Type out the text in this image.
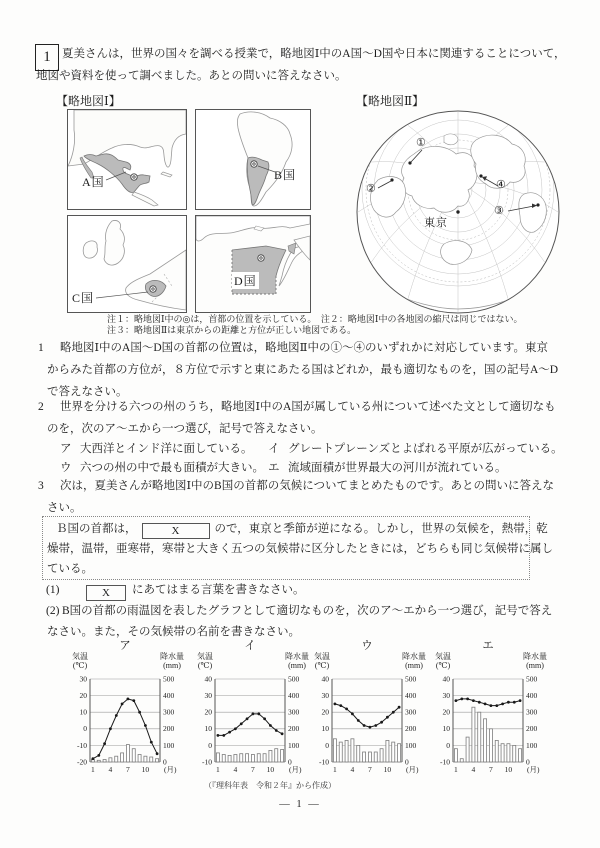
1 夏美さんは，世界の国々を調べる授業で，略地図Ⅰ中のA国～D国や日本に関連することについて，
地図や資料を使って調べました。あとの問いに答えなさい。
【略地図Ⅰ】	【略地図Ⅱ】
A国	B国
C国
D国
①
②
③
④
東京
注１：略地図Ⅰ中の◎は，首都の位置を示している。　注２：略地図Ⅰ中の各地図の縮尺は同じではない。
注３：略地図Ⅱは東京からの距離と方位が正しい地図である。
1 略地図Ⅰ中のA国～D国の首都の位置は，略地図Ⅱ中の①～④のいずれかに対応しています。東京
からみた首都の方位が，８方位で示すと東にあたる国はどれか，最も適切なものを，国の記号A～D
で答えなさい。
2 世界を分ける六つの州のうち，略地図Ⅰ中のA国が属している州について述べた文として適切なも
のを，次のア～エから一つ選び，記号で答えなさい。
ア 大西洋とインド洋に面している。 イ グレートプレーンズとよばれる平原が広がっている。
ウ 六つの州の中で最も面積が大きい。 エ 流域面積が世界最大の河川が流れている。
3 次は，夏美さんが略地図Ⅰ中のB国の首都の気候についてまとめたものです。あとの問いに答えな
さい。
Ｂ国の首都は，	X	ので，東京と季節が逆になる。しかし，世界の気候を，熱帯，乾
燥帯，温帯，亜寒帯，寒帯と大きく五つの気候帯に区分したときには，どちらも同じ気候帯に属し
ている。
(1)	X	にあてはまる言葉を書きなさい。
(2) B国の首都の雨温図を表したグラフとして適切なものを，次のア～エから一つ選び，記号で答え
なさい。また，その気候帯の名前を書きなさい。
ア
気温
(℃)
降水量
(mm)
30
20
10
0
-10
-20
500
400
300
200
100
0
1 4 7 10 (月)
イ
気温
(℃)
降水量
(mm)
40
30
20
10
0
-10
500
400
300
200
100
0
1 4 7 10 (月)
ウ
気温
(℃)
降水量
(mm)
40
30
20
10
0
-10
500
400
300
200
100
0
1 4 7 10 (月)
エ
気温
(℃)
降水量
(mm)
40
30
20
10
0
-10
500
400
300
200
100
0
1 4 7 10 (月)
（『理科年表　令和２年』から作成）
― 1 ―
